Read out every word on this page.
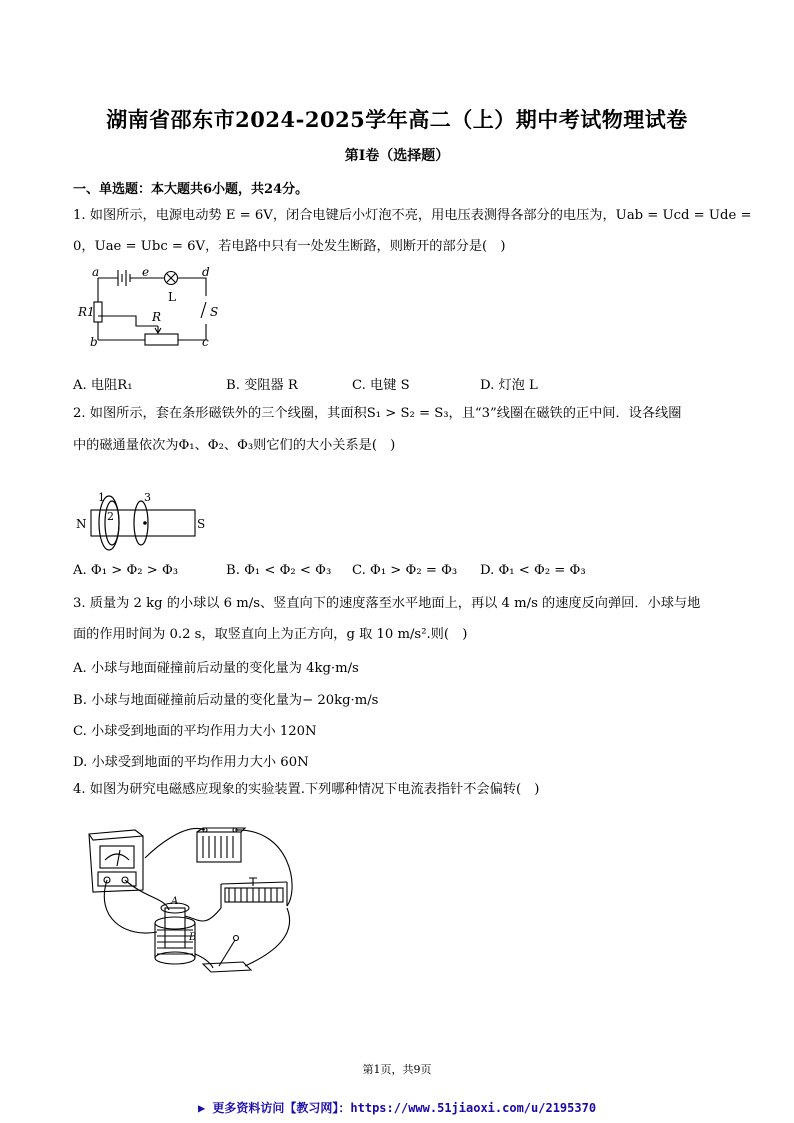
湖南省邵东市2024-2025学年高二（上）期中考试物理试卷
第I卷（选择题）
一、单选题：本大题共6小题，共24分。
1. 如图所示，电源电动势 E = 6V，闭合电键后小灯泡不亮，用电压表测得各部分的电压为，Uab = Ucd = Ude =
0，Uae = Ubc = 6V，若电路中只有一处发生断路，则断开的部分是(　)
a	e	d
L
R1	R	S
b	c
A. 电阻R₁	B. 变阻器 R	C. 电键 S	D. 灯泡 L
2. 如图所示，套在条形磁铁外的三个线圈，其面积S₁ > S₂ = S₃，且“3”线圈在磁铁的正中间．设各线圈
中的磁通量依次为Φ₁、Φ₂、Φ₃则它们的大小关系是(　)
1
2
3
N	S
A. Φ₁ > Φ₂ > Φ₃	B. Φ₁ < Φ₂ < Φ₃ C. Φ₁ > Φ₂ = Φ₃ D. Φ₁ < Φ₂ = Φ₃
3. 质量为 2 kg 的小球以 6 m/s、竖直向下的速度落至水平地面上，再以 4 m/s 的速度反向弹回．小球与地
面的作用时间为 0.2 s，取竖直向上为正方向，g 取 10 m/s².则(　)
A. 小球与地面碰撞前后动量的变化量为 4kg·m/s
B. 小球与地面碰撞前后动量的变化量为− 20kg·m/s
C. 小球受到地面的平均作用力大小 120N
D. 小球受到地面的平均作用力大小 60N
4. 如图为研究电磁感应现象的实验装置.下列哪种情况下电流表指针不会偏转(　)
A
B
第1页，共9页
▶ 更多资料访问【教习网】：https://www.51jiaoxi.com/u/2195370
